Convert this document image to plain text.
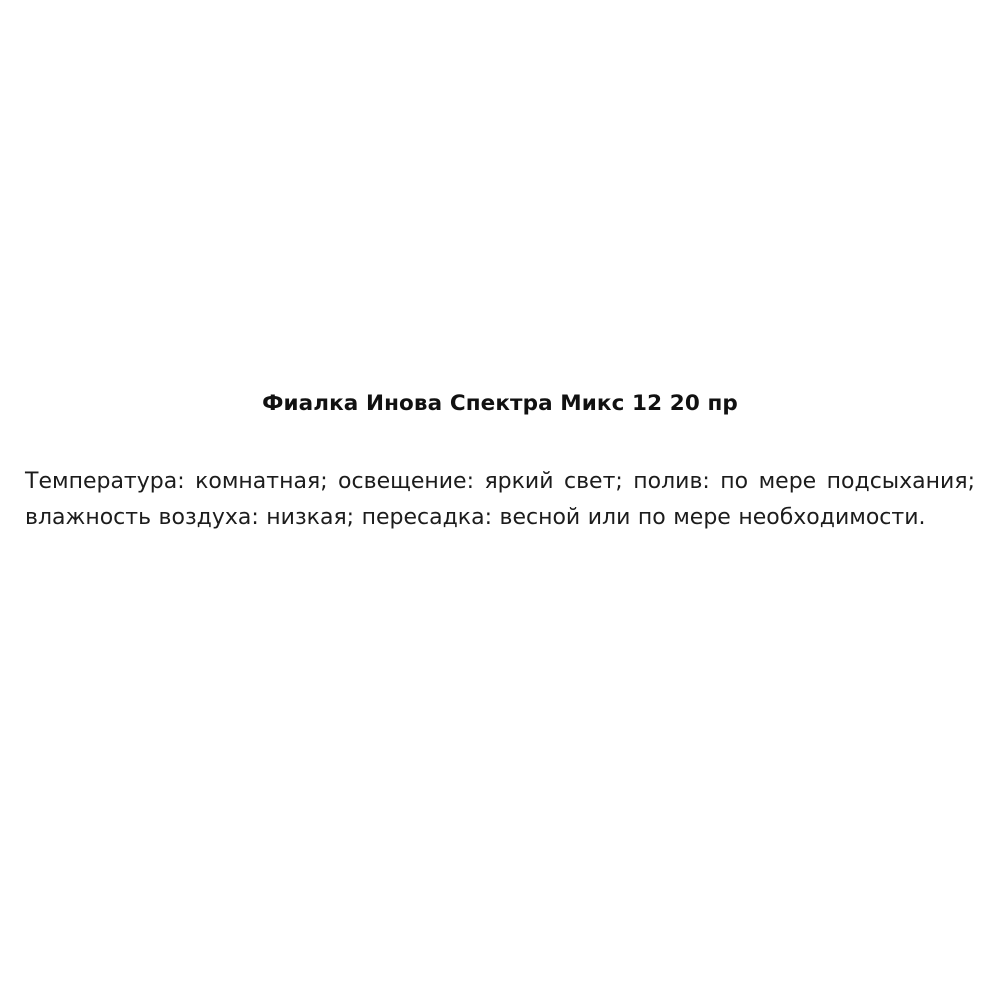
Фиалка Инова Спектра Микс 12 20 пр

Температура: комнатная; освещение: яркий свет; полив: по мере подсыхания; влажность воздуха: низкая; пересадка: весной или по мере необходимости.
